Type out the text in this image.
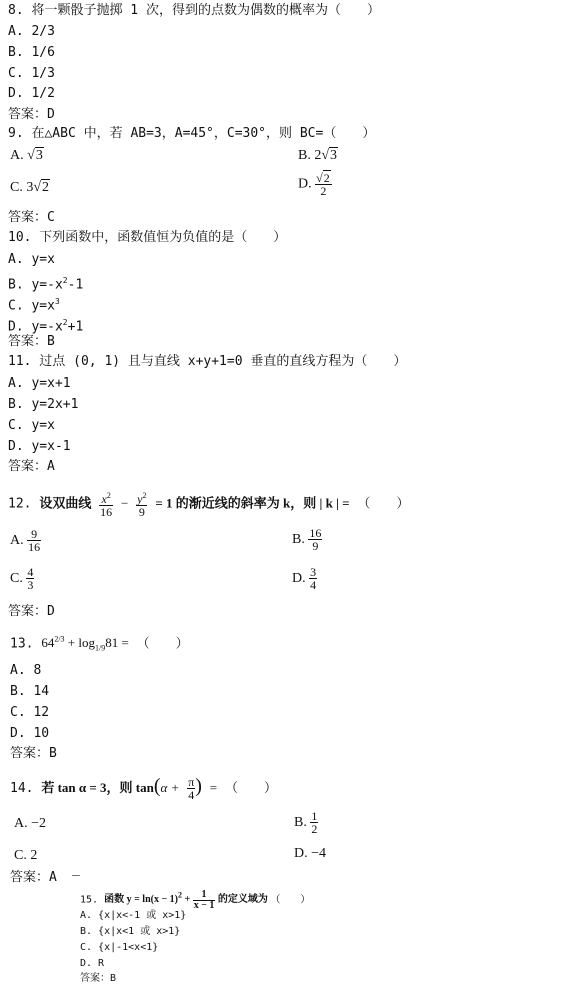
8. 将一颗骰子抛掷 1 次，得到的点数为偶数的概率为（　　）
A. 2/3
B. 1/6
C. 1/3
D. 1/2
答案：D
9. 在△ABC 中，若 AB=3，A=45°，C=30°，则 BC=（　　）
A. √3	B. 2√3
C. 3√2	D. $\frac{√2}{2}$
答案：C
10. 下列函数中，函数值恒为负值的是（　　）
A. y=x
B. $y=-x^2-1$
C. $y=x^3$
D. $y=-x^2+1$
答案：B
11. 过点 (0, 1) 且与直线 x+y+1=0 垂直的直线方程为（　　）
A. y=x+1
B. y=2x+1
C. y=x
D. y=x-1
答案：A
12. 设双曲线 $\frac{x^2}{16} - \frac{y^2}{9} = 1$ 的渐近线的斜率为 k，则 | k | = （　　）
A. $\frac{9}{16}$	B. $\frac{16}{9}$
C. $\frac{4}{3}$	D. $\frac{3}{4}$
答案：D
13. $64^{2/3} + \log_{1/9}81$ = （　　）
A. 8
B. 14
C. 12
D. 10
答案：B
14. 若 tan α = 3，则 $\tan(\alpha + \frac{\pi}{4}$ ) = （　　）
A. −2	B. $\frac{1}{2}$
C. 2	D. −4
答案：A —
15. 函数 $y = \ln(x - 1)^2 + \frac{1}{x - 1}$ 的定义域为 （　　）
A. {x|x<-1 或 x>1}
B. {x|x<1 或 x>1}
C. {x|-1<x<1}
D. R
答案：B
